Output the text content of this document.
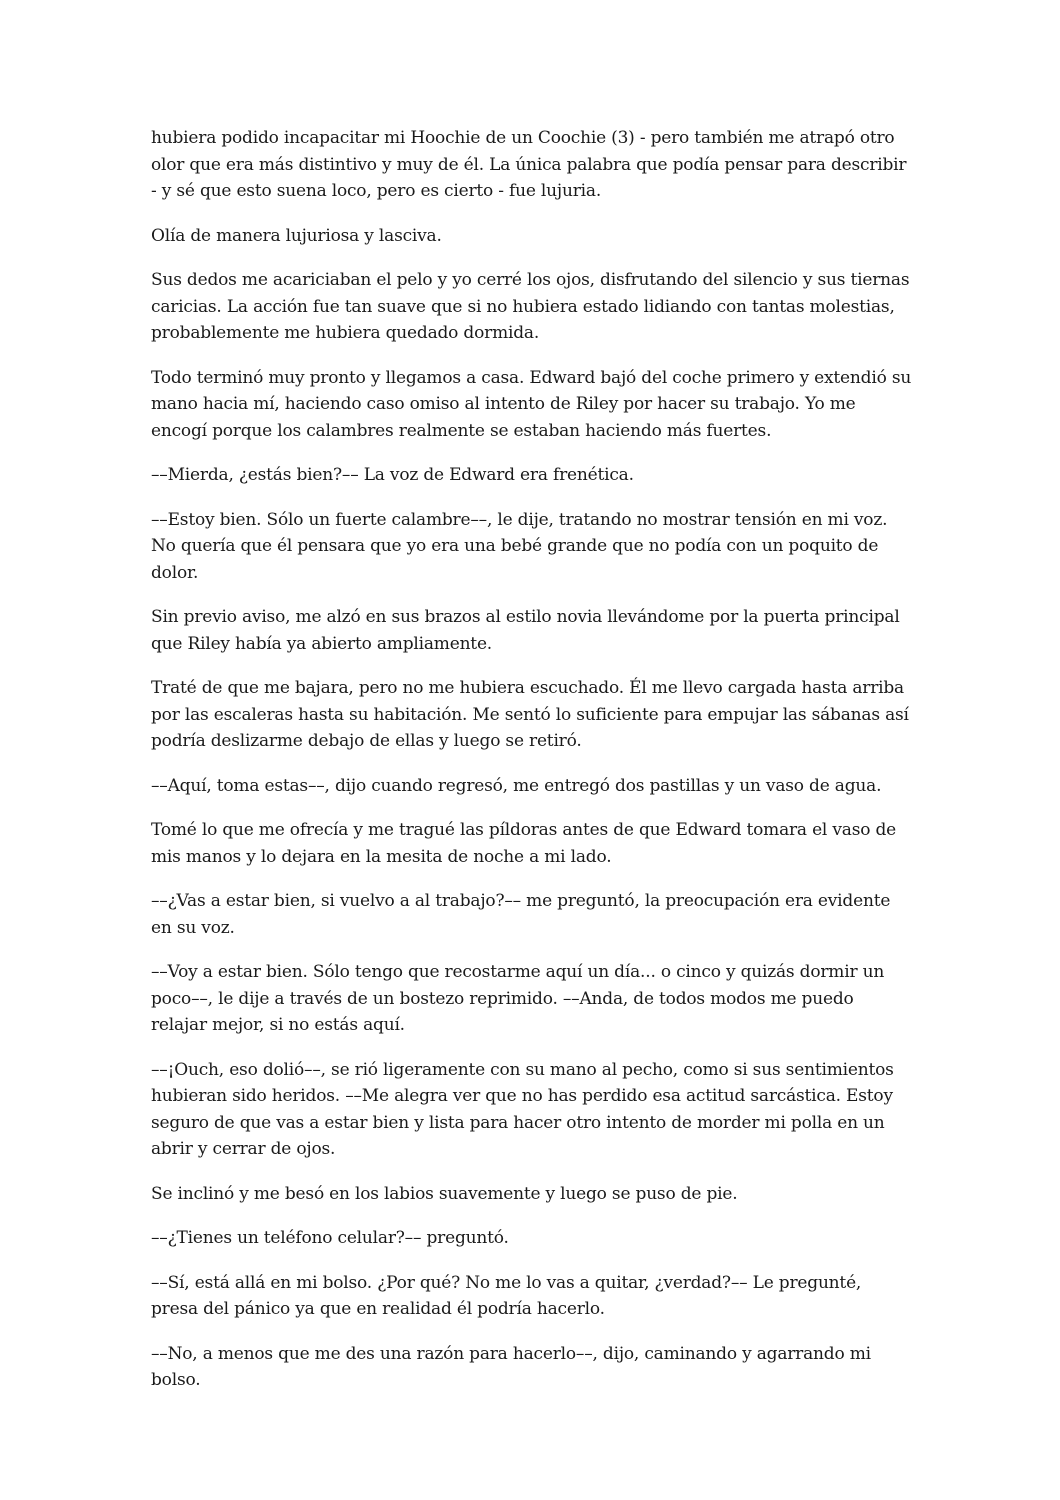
hubiera podido incapacitar mi Hoochie de un Coochie (3) - pero también me atrapó otro olor que era más distintivo y muy de él. La única palabra que podía pensar para describir - y sé que esto suena loco, pero es cierto - fue lujuria.

Olía de manera lujuriosa y lasciva.

Sus dedos me acariciaban el pelo y yo cerré los ojos, disfrutando del silencio y sus tiernas caricias. La acción fue tan suave que si no hubiera estado lidiando con tantas molestias, probablemente me hubiera quedado dormida.

Todo terminó muy pronto y llegamos a casa. Edward bajó del coche primero y extendió su mano hacia mí, haciendo caso omiso al intento de Riley por hacer su trabajo. Yo me encogí porque los calambres realmente se estaban haciendo más fuertes.

––Mierda, ¿estás bien?–– La voz de Edward era frenética.

––Estoy bien. Sólo un fuerte calambre––, le dije, tratando no mostrar tensión en mi voz. No quería que él pensara que yo era una bebé grande que no podía con un poquito de dolor.

Sin previo aviso, me alzó en sus brazos al estilo novia llevándome por la puerta principal que Riley había ya abierto ampliamente.

Traté de que me bajara, pero no me hubiera escuchado. Él me llevo cargada hasta arriba por las escaleras hasta su habitación. Me sentó lo suficiente para empujar las sábanas así podría deslizarme debajo de ellas y luego se retiró.

––Aquí, toma estas––, dijo cuando regresó, me entregó dos pastillas y un vaso de agua.

Tomé lo que me ofrecía y me tragué las píldoras antes de que Edward tomara el vaso de mis manos y lo dejara en la mesita de noche a mi lado.

––¿Vas a estar bien, si vuelvo a al trabajo?–– me preguntó, la preocupación era evidente en su voz.

––Voy a estar bien. Sólo tengo que recostarme aquí un día... o cinco y quizás dormir un poco––, le dije a través de un bostezo reprimido. ––Anda, de todos modos me puedo relajar mejor, si no estás aquí.

––¡Ouch, eso dolió––, se rió ligeramente con su mano al pecho, como si sus sentimientos hubieran sido heridos. ––Me alegra ver que no has perdido esa actitud sarcástica. Estoy seguro de que vas a estar bien y lista para hacer otro intento de morder mi polla en un abrir y cerrar de ojos.

Se inclinó y me besó en los labios suavemente y luego se puso de pie.

––¿Tienes un teléfono celular?–– preguntó.

––Sí, está allá en mi bolso. ¿Por qué? No me lo vas a quitar, ¿verdad?–– Le pregunté, presa del pánico ya que en realidad él podría hacerlo.

––No, a menos que me des una razón para hacerlo––, dijo, caminando y agarrando mi bolso.
